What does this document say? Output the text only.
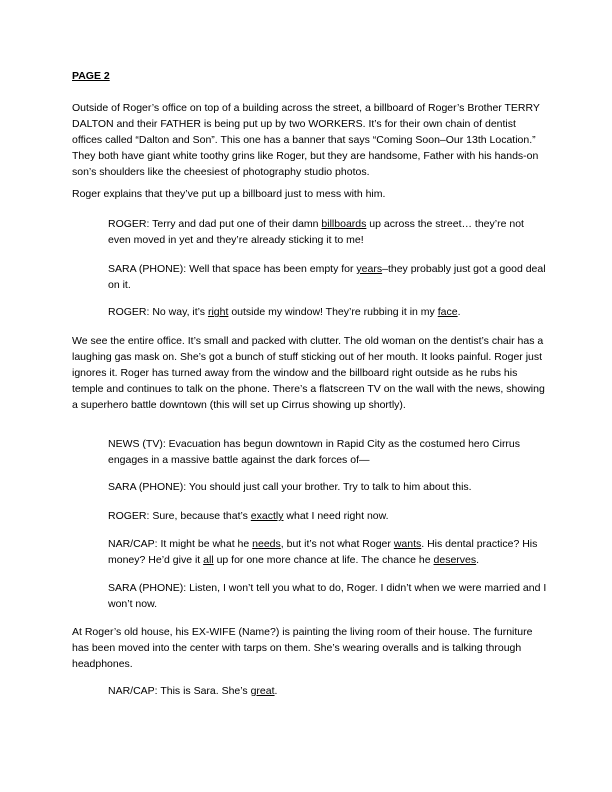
PAGE 2

Outside of Roger’s office on top of a building across the street, a billboard of Roger’s Brother TERRY DALTON and their FATHER is being put up by two WORKERS. It’s for their own chain of dentist offices called “Dalton and Son”. This one has a banner that says “Coming Soon–Our 13th Location.” They both have giant white toothy grins like Roger, but they are handsome, Father with his hands-on son’s shoulders like the cheesiest of photography studio photos.

Roger explains that they’ve put up a billboard just to mess with him.

ROGER: Terry and dad put one of their damn billboards up across the street… they’re not even moved in yet and they’re already sticking it to me!

SARA (PHONE): Well that space has been empty for years–they probably just got a good deal on it.

ROGER: No way, it’s right outside my window! They’re rubbing it in my face.

We see the entire office. It’s small and packed with clutter. The old woman on the dentist’s chair has a laughing gas mask on. She’s got a bunch of stuff sticking out of her mouth. It looks painful. Roger just ignores it. Roger has turned away from the window and the billboard right outside as he rubs his temple and continues to talk on the phone. There’s a flatscreen TV on the wall with the news, showing a superhero battle downtown (this will set up Cirrus showing up shortly).

NEWS (TV): Evacuation has begun downtown in Rapid City as the costumed hero Cirrus engages in a massive battle against the dark forces of—

SARA (PHONE): You should just call your brother. Try to talk to him about this.

ROGER: Sure, because that’s exactly what I need right now.

NAR/CAP: It might be what he needs, but it’s not what Roger wants. His dental practice? His money? He’d give it all up for one more chance at life. The chance he deserves.

SARA (PHONE): Listen, I won’t tell you what to do, Roger. I didn’t when we were married and I won’t now.

At Roger’s old house, his EX-WIFE (Name?) is painting the living room of their house. The furniture has been moved into the center with tarps on them. She’s wearing overalls and is talking through headphones.

NAR/CAP: This is Sara. She’s great.
